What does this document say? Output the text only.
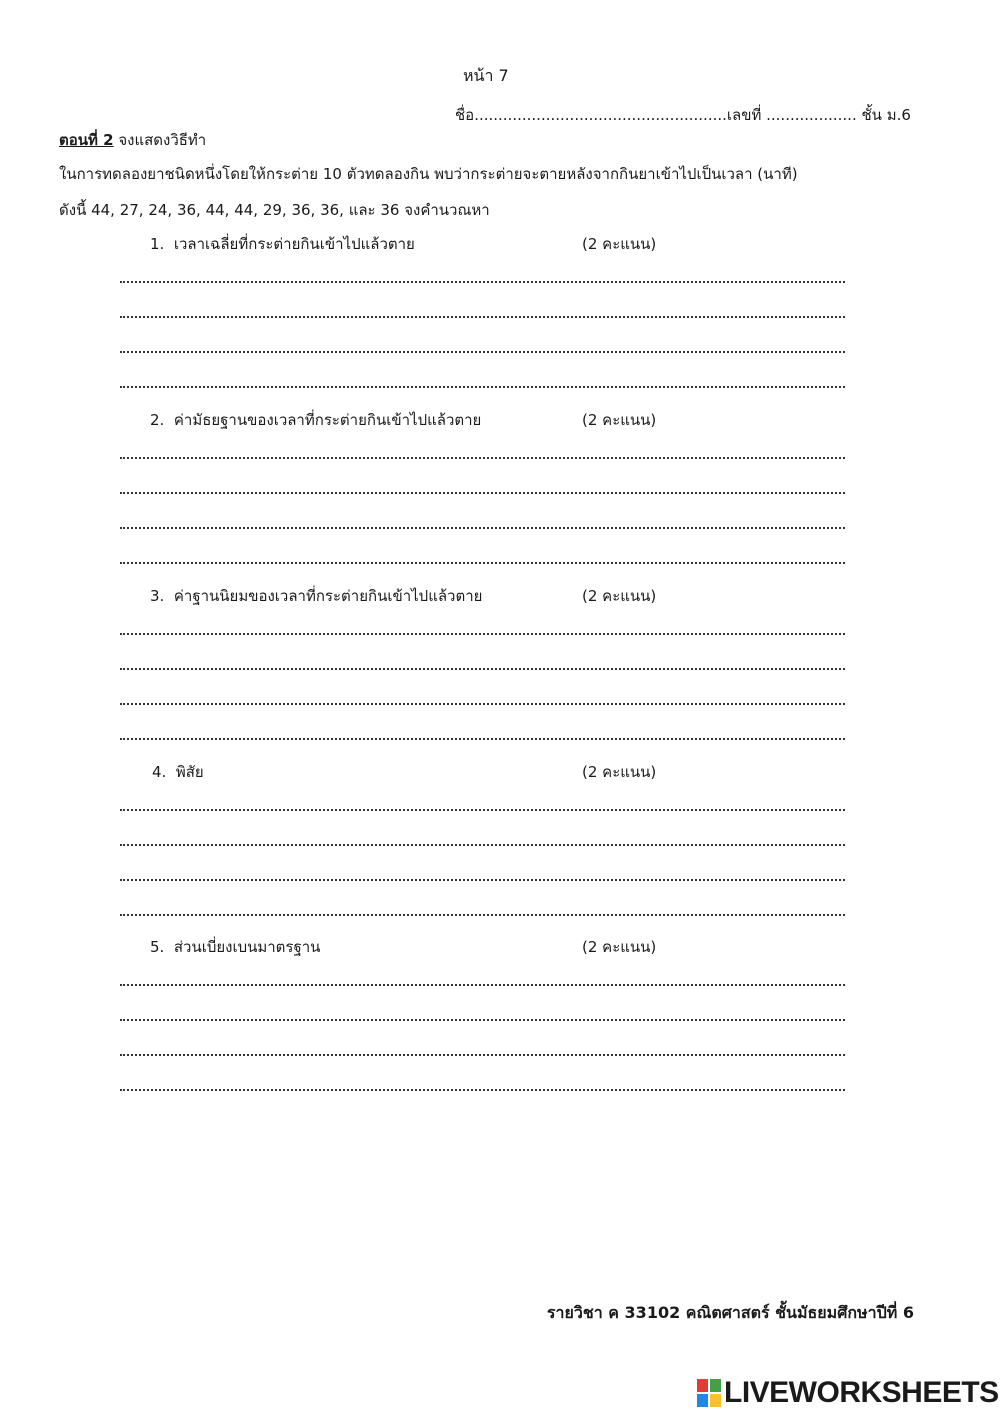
หน้า 7
ชื่อ.....................................................เลขที่ ................... ชั้น ม.6
ตอนที่ 2 จงแสดงวิธีทำ
ในการทดลองยาชนิดหนึ่งโดยให้กระต่าย 10 ตัวทดลองกิน พบว่ากระต่ายจะตายหลังจากกินยาเข้าไปเป็นเวลา (นาที)
ดังนี้ 44, 27, 24, 36, 44, 44, 29, 36, 36, และ 36 จงคำนวณหา
1. เวลาเฉลี่ยที่กระต่ายกินเข้าไปแล้วตาย	(2 คะแนน)
2. ค่ามัธยฐานของเวลาที่กระต่ายกินเข้าไปแล้วตาย	(2 คะแนน)
3. ค่าฐานนิยมของเวลาที่กระต่ายกินเข้าไปแล้วตาย	(2 คะแนน)
4. พิสัย	(2 คะแนน)
5. ส่วนเบี่ยงเบนมาตรฐาน	(2 คะแนน)
รายวิชา ค 33102 คณิตศาสตร์ ชั้นมัธยมศึกษาปีที่ 6
LIVEWORKSHEETS
